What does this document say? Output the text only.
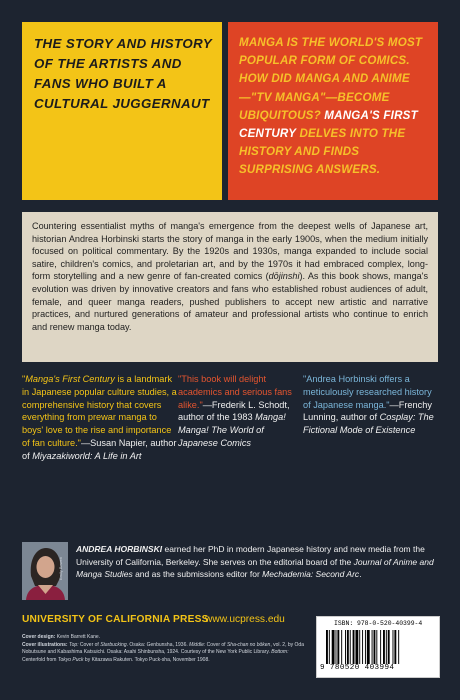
THE STORY AND HISTORY OF THE ARTISTS AND FANS WHO BUILT A CULTURAL JUGGERNAUT

MANGA IS THE WORLD'S MOST POPULAR FORM OF COMICS. HOW DID MANGA AND ANIME—"TV MANGA"—BECOME UBIQUITOUS? MANGA'S FIRST CENTURY DELVES INTO THE HISTORY AND FINDS SURPRISING ANSWERS.

Countering essentialist myths of manga's emergence from the deepest wells of Japanese art, historian Andrea Horbinski starts the story of manga in the early 1900s, when the medium initially focused on political commentary. By the 1920s and 1930s, manga expanded to include social satire, children's comics, and proletarian art, and by the 1970s it had embraced complex, long-form storytelling and a new genre of fan-created comics (dōjinshi). As this book shows, manga's evolution was driven by innovative creators and fans who established robust audiences of adult, female, and queer manga readers, pushed publishers to accept new artistic and narrative practices, and nurtured generations of amateur and professional artists who continue to enrich and renew manga today.

"Manga's First Century is a landmark in Japanese popular culture studies, a comprehensive history that covers everything from prewar manga to boys' love to the rise and importance of fan culture."—Susan Napier, author of Miyazakiworld: A Life in Art
"This book will delight academics and serious fans alike."—Frederik L. Schodt, author of the 1983 Manga! Manga! The World of Japanese Comics
"Andrea Horbinski offers a meticulously researched history of Japanese manga."—Frenchy Lunning, author of Cosplay: The Fictional Mode of Existence
Emily Bowen
ANDREA HORBINSKI earned her PhD in modern Japanese history and new media from the University of California, Berkeley. She serves on the editorial board of the Journal of Anime and Manga Studies and as the submissions editor for Mechademia: Second Arc.
UNIVERSITY OF CALIFORNIA PRESS
www.ucpress.edu	ISBN: 978-0-520-40399-4
9 780520 403994
Cover design: Kevin Barrett Kane.
Cover illustrations: Top: Cover of Starbucking. Osaka: Genbunsha, 1936. Middle: Cover of Sha-chan no bōken, vol. 2, by Oda Nobutsune and Kabashima Katsuichi. Osaka: Asahi Shinbunsha, 1924. Courtesy of the New York Public Library. Bottom: Centerfold from Tokyo Puck by Kitazawa Rakuten. Tokyo Puck-sha, November 1908.
